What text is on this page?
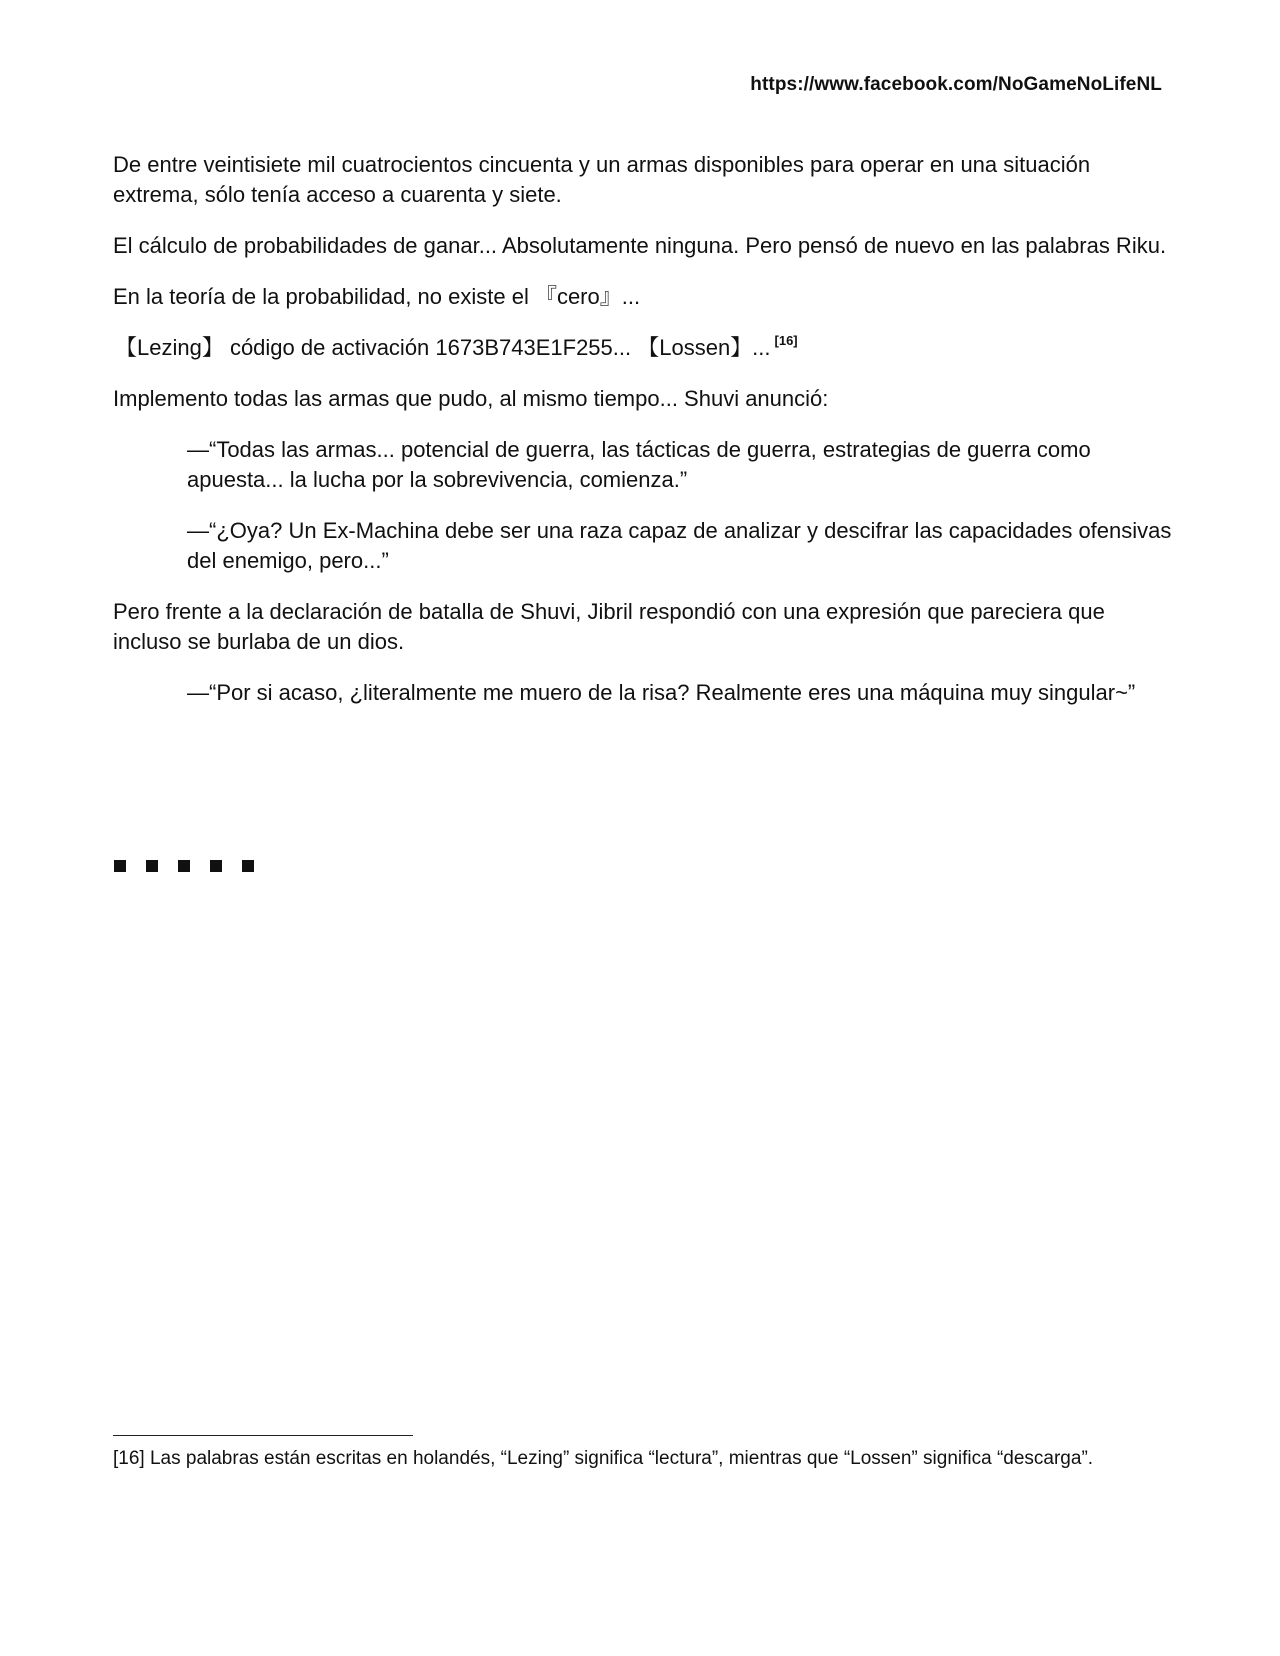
https://www.facebook.com/NoGameNoLifeNL

De entre veintisiete mil cuatrocientos cincuenta y un armas disponibles para operar en una situación extrema, sólo tenía acceso a cuarenta y siete.

El cálculo de probabilidades de ganar... Absolutamente ninguna. Pero pensó de nuevo en las palabras Riku.

En la teoría de la probabilidad, no existe el 『cero』...

【Lezing】 código de activación 1673B743E1F255... 【Lossen】... [16]

Implemento todas las armas que pudo, al mismo tiempo... Shuvi anunció:

—“Todas las armas... potencial de guerra, las tácticas de guerra, estrategias de guerra como apuesta... la lucha por la sobrevivencia, comienza.”

—“¿Oya? Un Ex-Machina debe ser una raza capaz de analizar y descifrar las capacidades ofensivas del enemigo, pero...”

Pero frente a la declaración de batalla de Shuvi, Jibril respondió con una expresión que pareciera que incluso se burlaba de un dios.

—“Por si acaso, ¿literalmente me muero de la risa? Realmente eres una máquina muy singular~”

[16] Las palabras están escritas en holandés, “Lezing” significa “lectura”, mientras que “Lossen” significa “descarga”.
